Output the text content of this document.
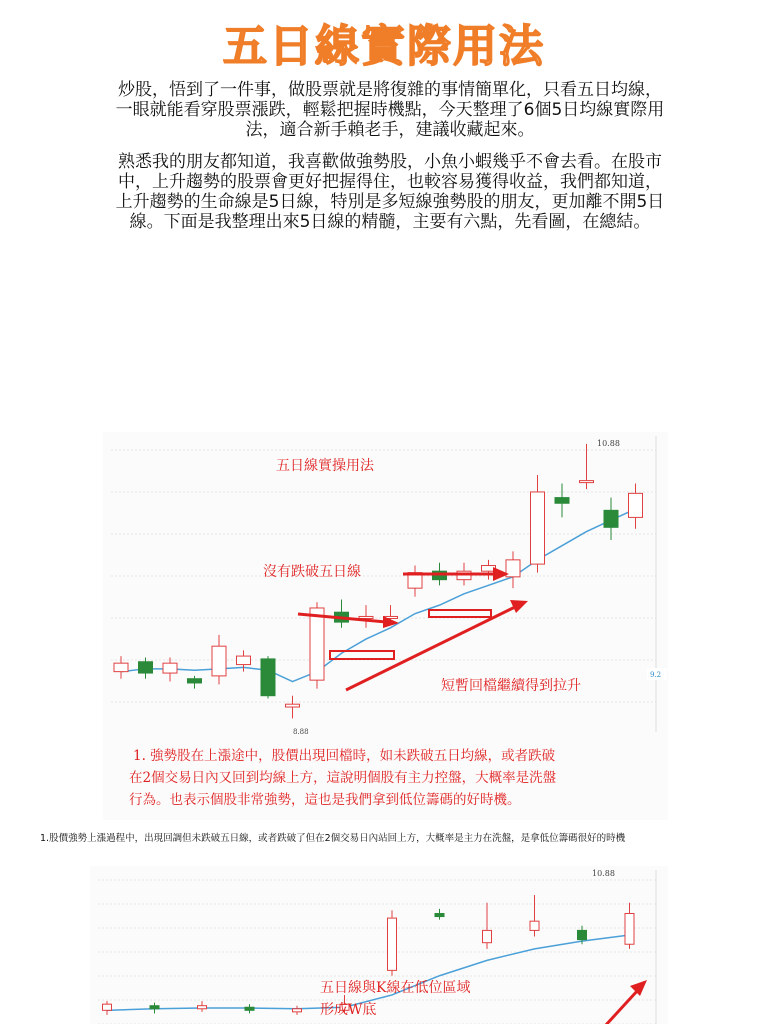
五日線實際用法
炒股，悟到了一件事，做股票就是將復雜的事情簡單化，只看五日均線，一眼就能看穿股票漲跌，輕鬆把握時機點，今天整理了6個5日均線實際用法，適合新手賴老手，建議收藏起來。
熟悉我的朋友都知道，我喜歡做強勢股，小魚小蝦幾乎不會去看。在股市中，上升趨勢的股票會更好把握得住，也較容易獲得收益，我們都知道，上升趨勢的生命線是5日線，特別是多短線強勢股的朋友，更加離不開5日線。下面是我整理出來5日線的精髓，主要有六點，先看圖，在總結。
10.88
8.88
9.2
五日線實操用法
沒有跌破五日線
短暫回檔繼續得到拉升
1. 強勢股在上漲途中，股價出現回檔時，如未跌破五日均線，或者跌破
在2個交易日內又回到均線上方，這說明個股有主力控盤，大概率是洗盤
行為。也表示個股非常強勢，這也是我們拿到低位籌碼的好時機。
1.股價強勢上漲過程中，出現回調但未跌破五日線，或者跌破了但在2個交易日內站回上方，大概率是主力在洗盤，是拿低位籌碼很好的時機
10.88
五日線與K線在低位區域
形成W底
